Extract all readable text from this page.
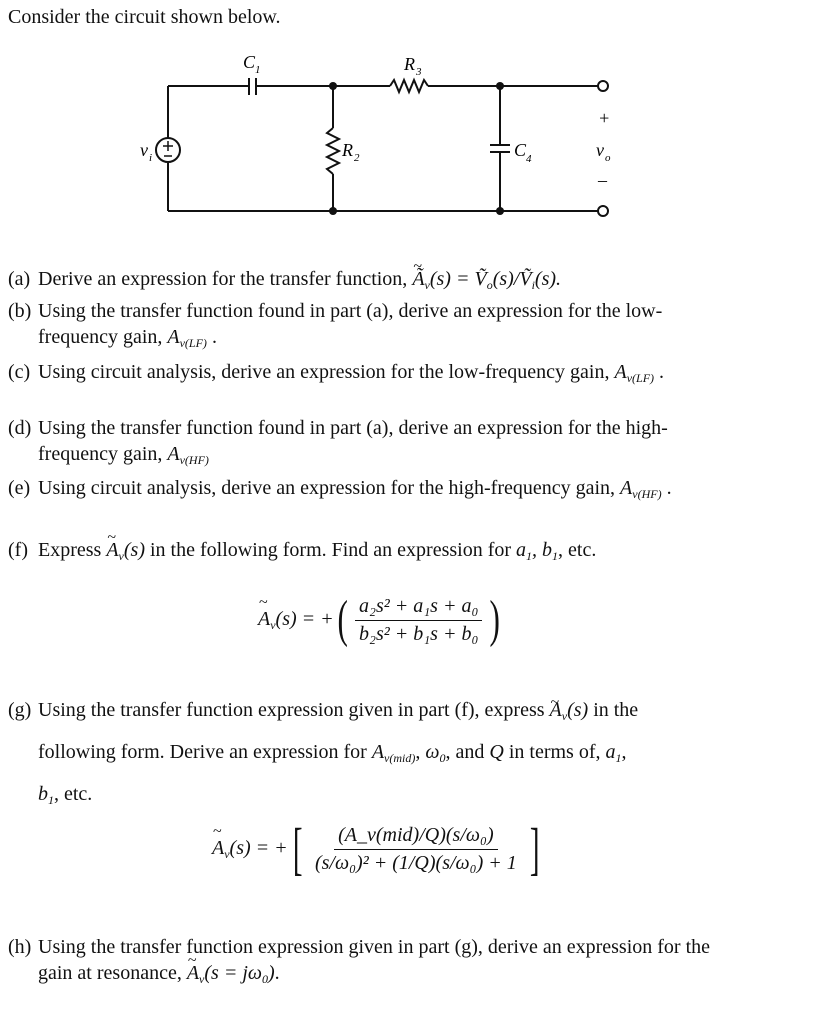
Consider the circuit shown below.
v i
C 1	R 3
R 2	C 4
+
v o
–
(a) Derive an expression for the transfer function, ~ $Ã_v(s)$ = Ṽ$_o$(s)/Ṽ$_i$(s).
(b) Using the transfer function found in part (a), derive an expression for the low-
frequency gain, $A_{v(LF)}$ .
(c) Using circuit analysis, derive an expression for the low-frequency gain, $A_{v(LF)}$ .
(d) Using the transfer function found in part (a), derive an expression for the high-
frequency gain, $A_{v(HF)}$
(e) Using circuit analysis, derive an expression for the high-frequency gain, $A_{v(HF)}$ .
(f) Express ~ $A_v(s)$ in the following form. Find an expression for $a_1$, $b_1$, etc.
~ $A_v(s)$ = + ( $\frac{\text{a₂s² + a₁s + a₀}}{\text{b₂s² + b₁s + b₀}}$ )
(g) Using the transfer function expression given in part (f), express ~ $A_v(s)$ in the
following form. Derive an expression for $A_{v(mid)}$, $\omega_0$, and Q in terms of, $a_1$,
$b_1$, etc.
~ $A_v(s)$ = + [ $\frac{\text{(A\_v(mid)/Q)(s/ω₀)}}{\text{(s/ω₀)² + (1/Q)(s/ω₀) + 1}}$ ]
(h) Using the transfer function expression given in part (g), derive an expression for the
gain at resonance, ~ $A_v(s = j\omega_0)$.
